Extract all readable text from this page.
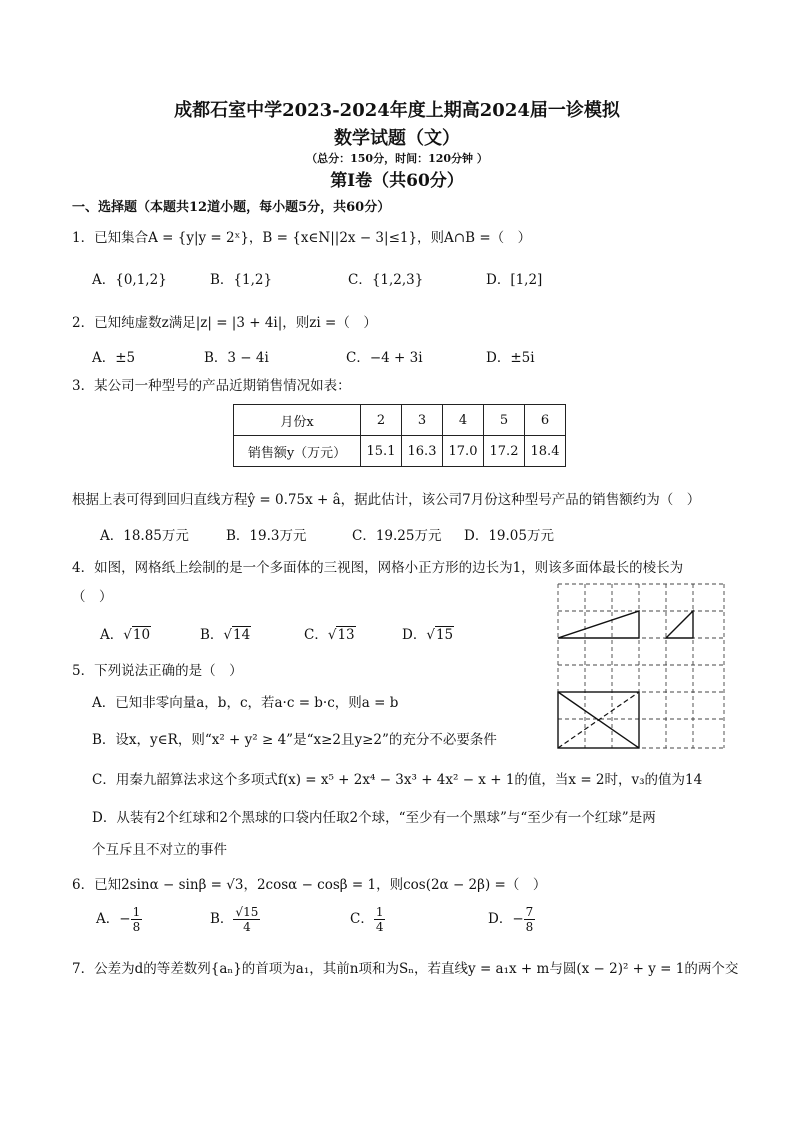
成都石室中学2023-2024年度上期高2024届一诊模拟
数学试题（文）
（总分：150分，时间：120分钟 ）
第Ⅰ卷（共60分）
一、选择题（本题共12道小题，每小题5分，共60分）
1．已知集合A = {y|y = 2ˣ}，B = {x∈N||2x − 3|≤1}，则A∩B =（　）
A．{0,1,2}	B．{1,2}	C．{1,2,3}	D．[1,2]
2．已知纯虚数z满足|z| = |3 + 4i|，则zi =（　）
A．±5	B．3 − 4i	C．−4 + 3i	D．±5i
3．某公司一种型号的产品近期销售情况如表：
月份x	2	3	4	5	6
销售额y（万元）	15.1	16.3	17.0	17.2	18.4
根据上表可得到回归直线方程ŷ = 0.75x + â，据此估计，该公司7月份这种型号产品的销售额约为（　）
A．18.85万元	B．19.3万元	C．19.25万元 D．19.05万元
4．如图，网格纸上绘制的是一个多面体的三视图，网格小正方形的边长为1，则该多面体最长的棱长为
（　）
A．√10	B．√14	C．√13	D．√15
5．下列说法正确的是（　）
A．已知非零向量a，b，c，若a·c = b·c，则a = b
B．设x，y∈R，则“x² + y² ≥ 4”是“x≥2且y≥2”的充分不必要条件
C．用秦九韶算法求这个多项式f(x) = x⁵ + 2x⁴ − 3x³ + 4x² − x + 1的值，当x = 2时，v₃的值为14
D．从装有2个红球和2个黑球的口袋内任取2个球，“至少有一个黑球”与“至少有一个红球”是两
个互斥且不对立的事件
6．已知2sinα − sinβ = √3，2cosα − cosβ = 1，则cos(2α − 2β) =（　）
A．− $\frac{1}{8}$	B． $\frac{√15}{4}$	C． $\frac{1}{4}$	D．− $\frac{7}{8}$
7．公差为d的等差数列{aₙ}的首项为a₁，其前n项和为Sₙ，若直线y = a₁x + m与圆(x − 2)² + y = 1的两个交
